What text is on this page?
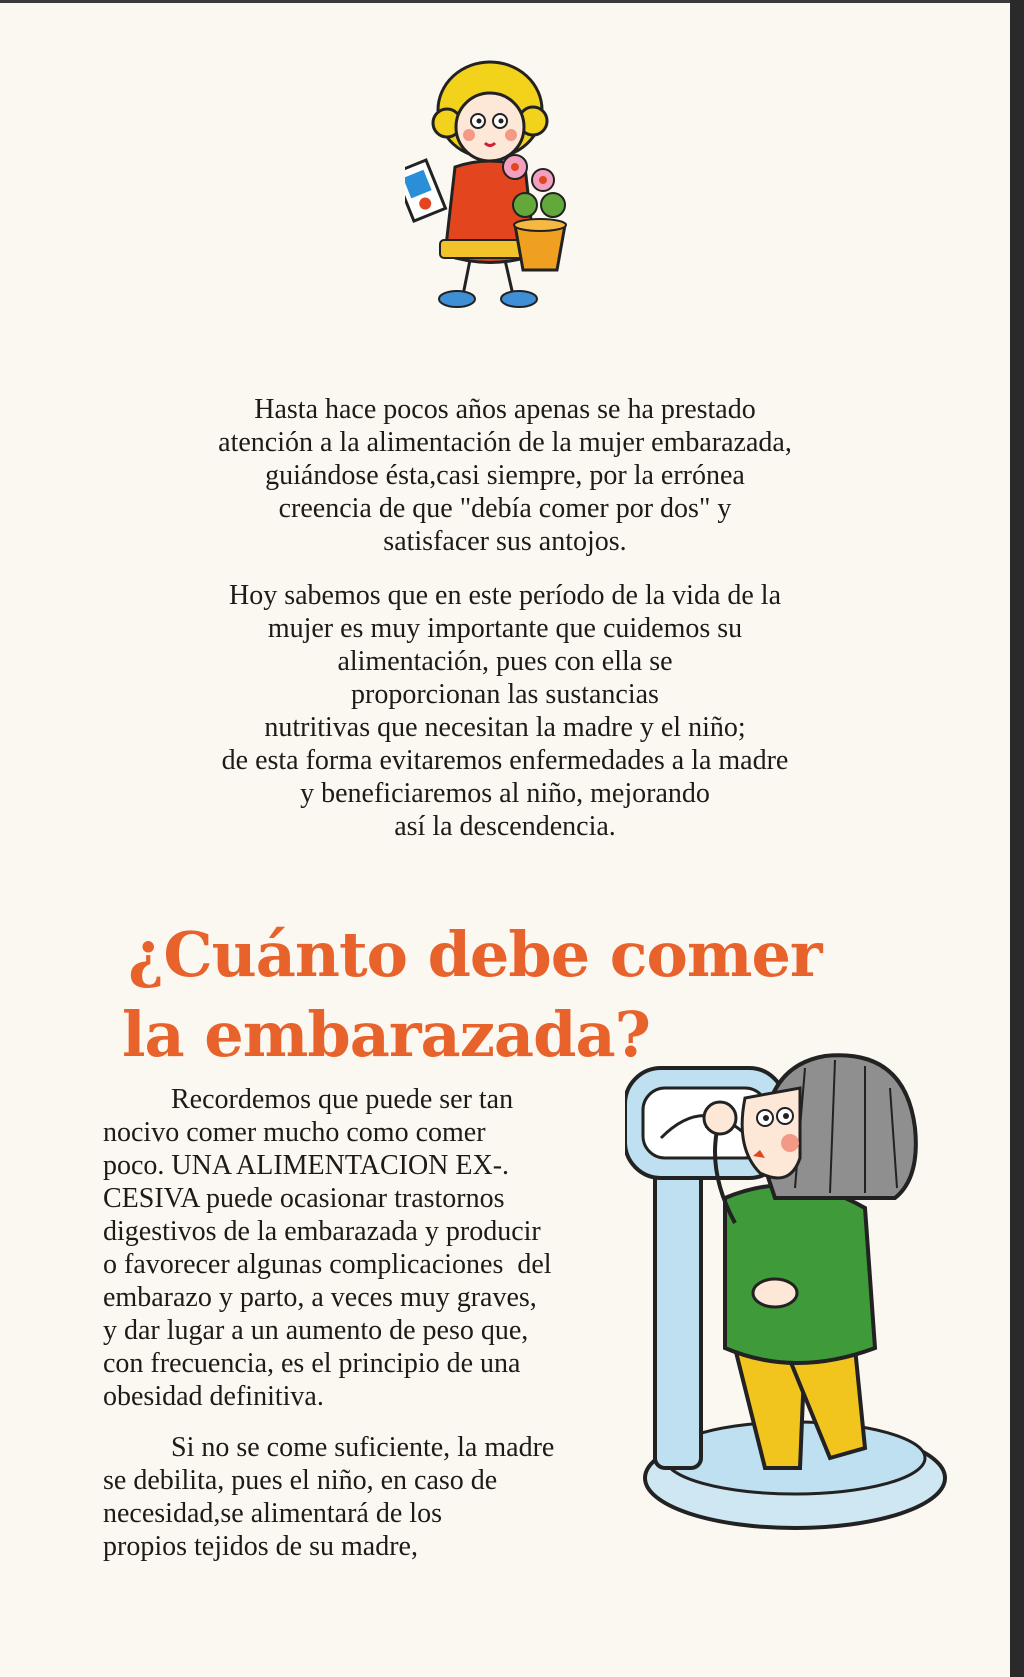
Hasta hace pocos años apenas se ha prestado
atención a la alimentación de la mujer embarazada,
guiándose ésta,casi siempre, por la errónea
creencia de que "debía comer por dos" y
satisfacer sus antojos.
Hoy sabemos que en este período de la vida de la
mujer es muy importante que cuidemos su
alimentación, pues con ella se
proporcionan las sustancias
nutritivas que necesitan la madre y el niño;
de esta forma evitaremos enfermedades a la madre
y beneficiaremos al niño, mejorando
así la descendencia.
¿Cuánto debe comer
la embarazada?
Recordemos que puede ser tan
nocivo comer mucho como comer
poco. UNA ALIMENTACION EX-.
CESIVA puede ocasionar trastornos
digestivos de la embarazada y producir
o favorecer algunas complicaciones  del
embarazo y parto, a veces muy graves,
y dar lugar a un aumento de peso que,
con frecuencia, es el principio de una
obesidad definitiva.
Si no se come suficiente, la madre
se debilita, pues el niño, en caso de
necesidad,se alimentará de los
propios tejidos de su madre,
